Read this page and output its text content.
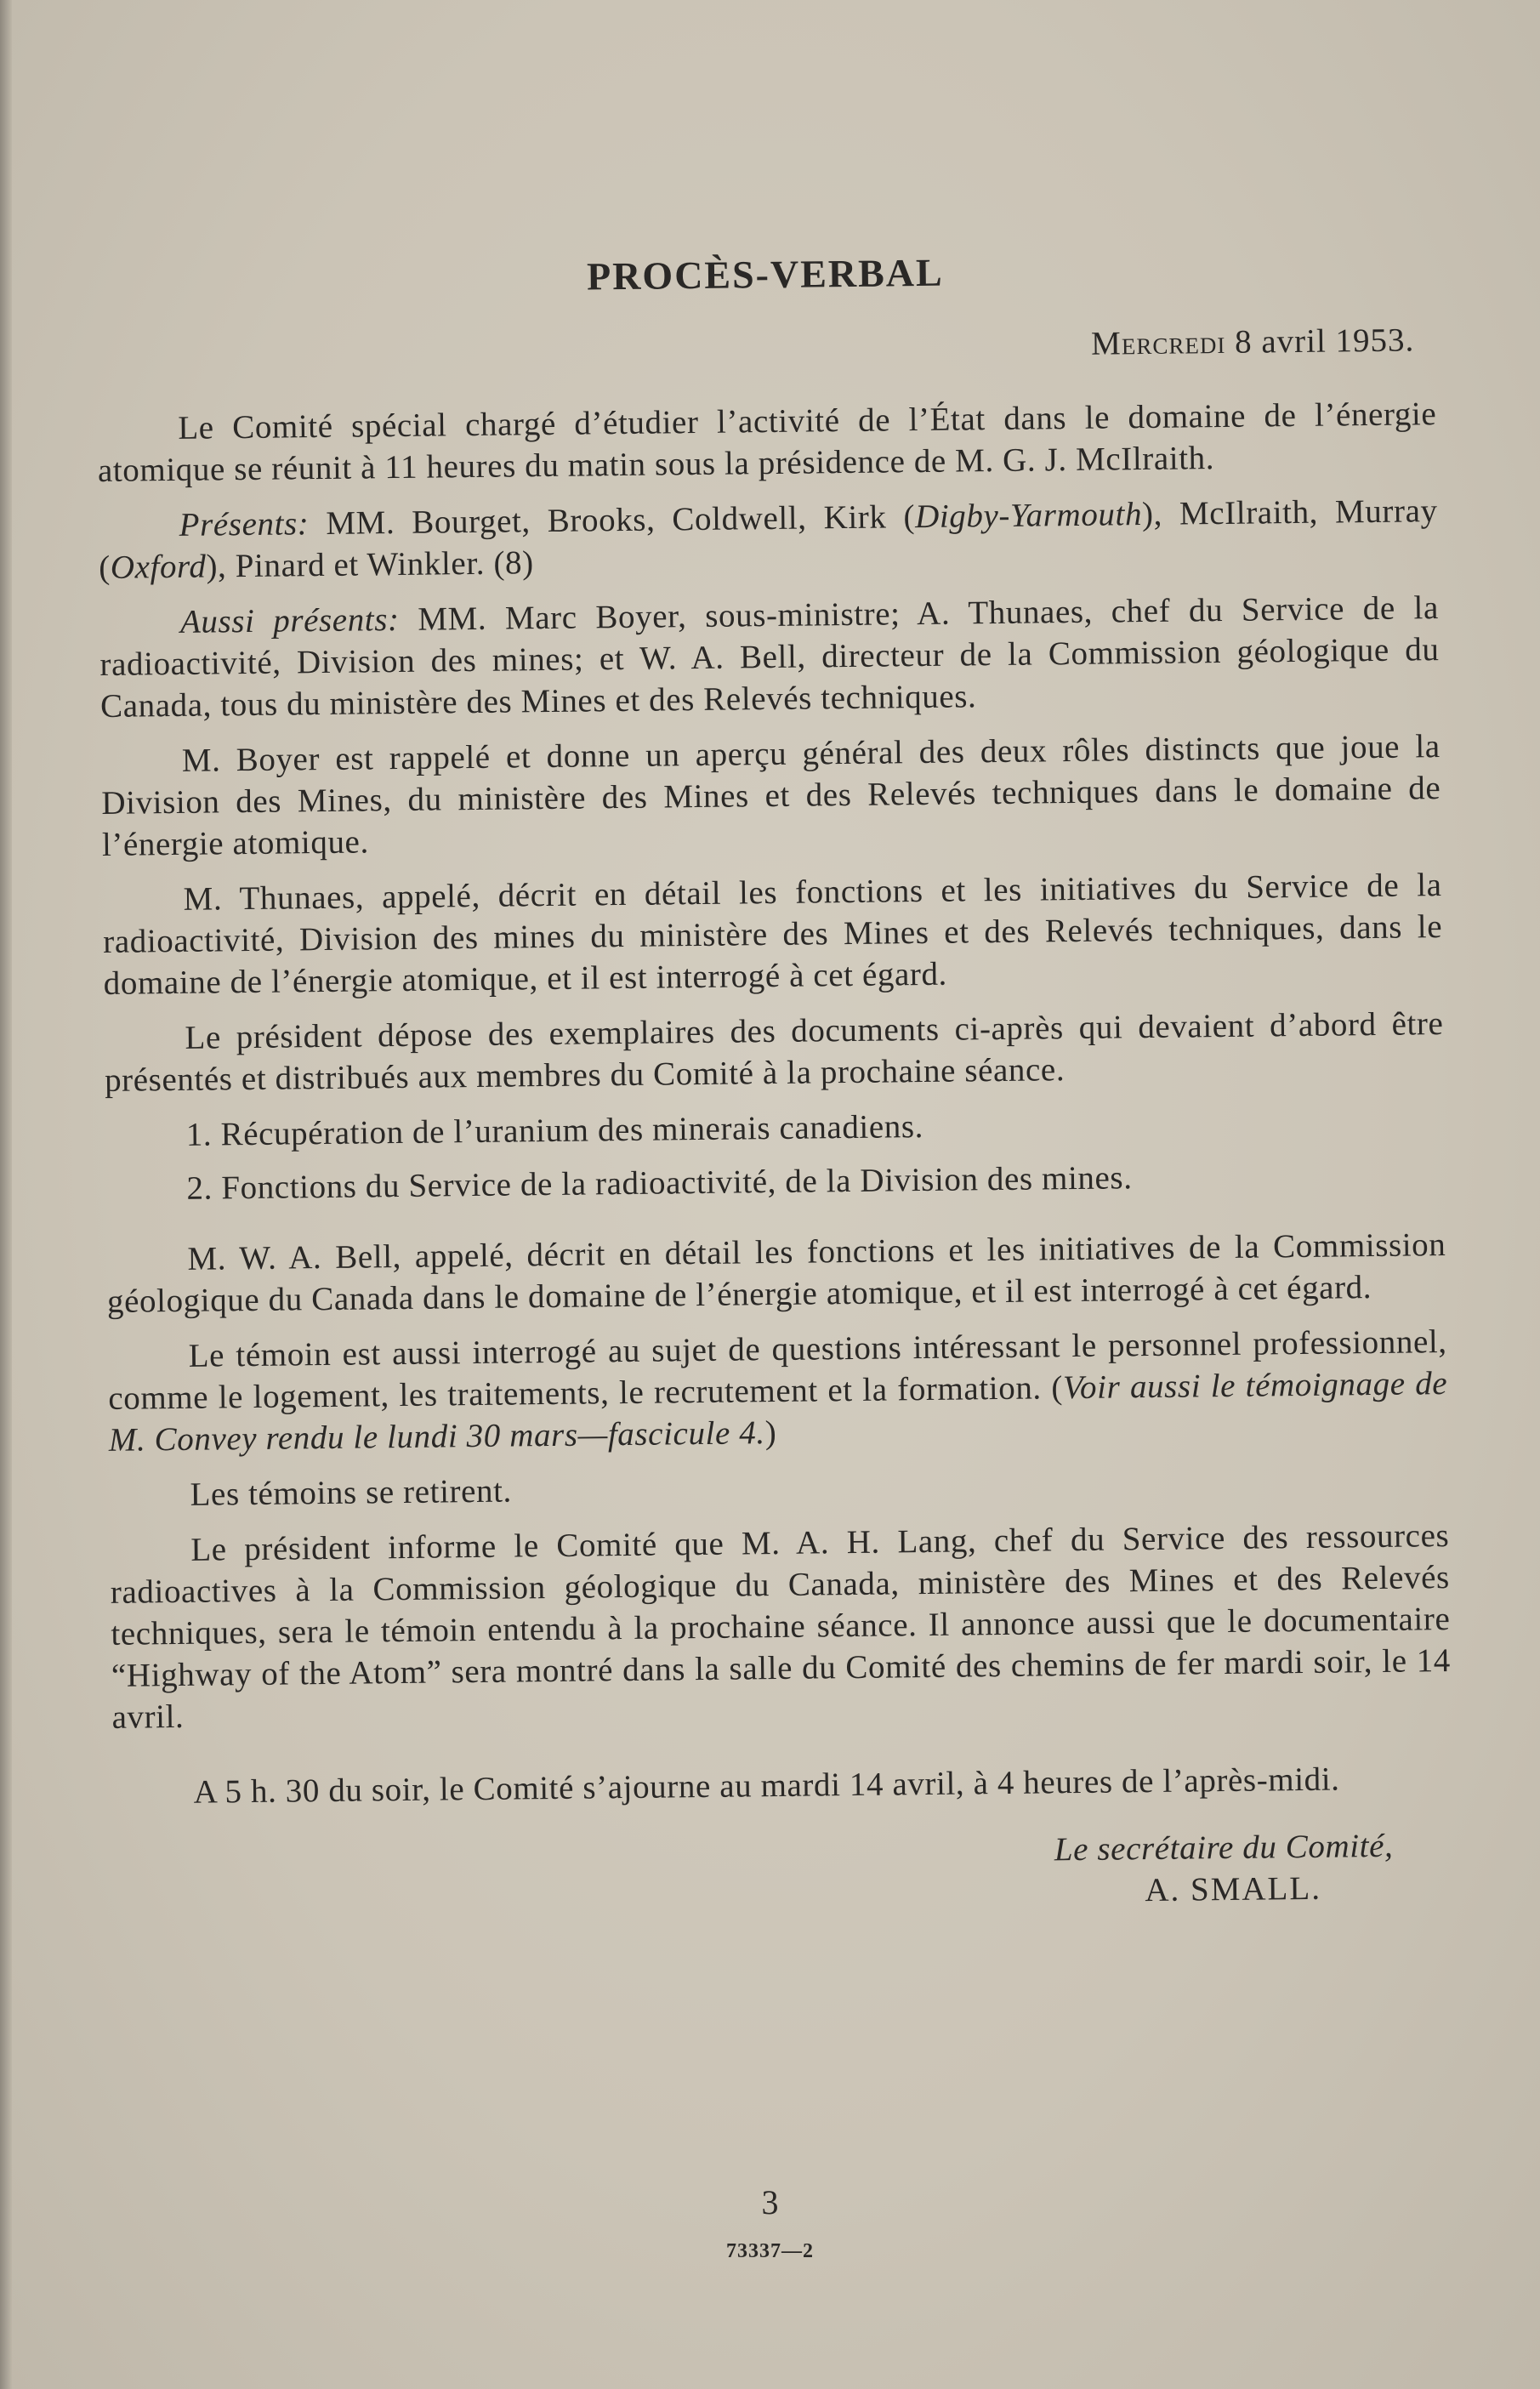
PROCÈS-VERBAL
Mercredi 8 avril 1953.

Le Comité spécial chargé d’étudier l’activité de l’État dans le domaine de l’énergie atomique se réunit à 11 heures du matin sous la présidence de M. G. J. McIlraith.

Présents: MM. Bourget, Brooks, Coldwell, Kirk (Digby-Yarmouth), McIlraith, Murray (Oxford), Pinard et Winkler. (8)

Aussi présents: MM. Marc Boyer, sous-ministre; A. Thunaes, chef du Service de la radioactivité, Division des mines; et W. A. Bell, directeur de la Commission géologique du Canada, tous du ministère des Mines et des Relevés techniques.

M. Boyer est rappelé et donne un aperçu général des deux rôles distincts que joue la Division des Mines, du ministère des Mines et des Relevés techniques dans le domaine de l’énergie atomique.

M. Thunaes, appelé, décrit en détail les fonctions et les initiatives du Service de la radioactivité, Division des mines du ministère des Mines et des Relevés techniques, dans le domaine de l’énergie atomique, et il est interrogé à cet égard.

Le président dépose des exemplaires des documents ci-après qui devaient d’abord être présentés et distribués aux membres du Comité à la prochaine séance.

1. Récupération de l’uranium des minerais canadiens.

2. Fonctions du Service de la radioactivité, de la Division des mines.

M. W. A. Bell, appelé, décrit en détail les fonctions et les initiatives de la Commission géologique du Canada dans le domaine de l’énergie atomique, et il est interrogé à cet égard.

Le témoin est aussi interrogé au sujet de questions intéressant le personnel professionnel, comme le logement, les traitements, le recrutement et la formation. (Voir aussi le témoignage de M. Convey rendu le lundi 30 mars—fascicule 4.)

Les témoins se retirent.

Le président informe le Comité que M. A. H. Lang, chef du Service des ressources radioactives à la Commission géologique du Canada, ministère des Mines et des Relevés techniques, sera le témoin entendu à la prochaine séance. Il annonce aussi que le documentaire “Highway of the Atom” sera montré dans la salle du Comité des chemins de fer mardi soir, le 14 avril.

A 5 h. 30 du soir, le Comité s’ajourne au mardi 14 avril, à 4 heures de l’après-midi.

Le secrétaire du Comité,
A. SMALL.
3
73337—2
